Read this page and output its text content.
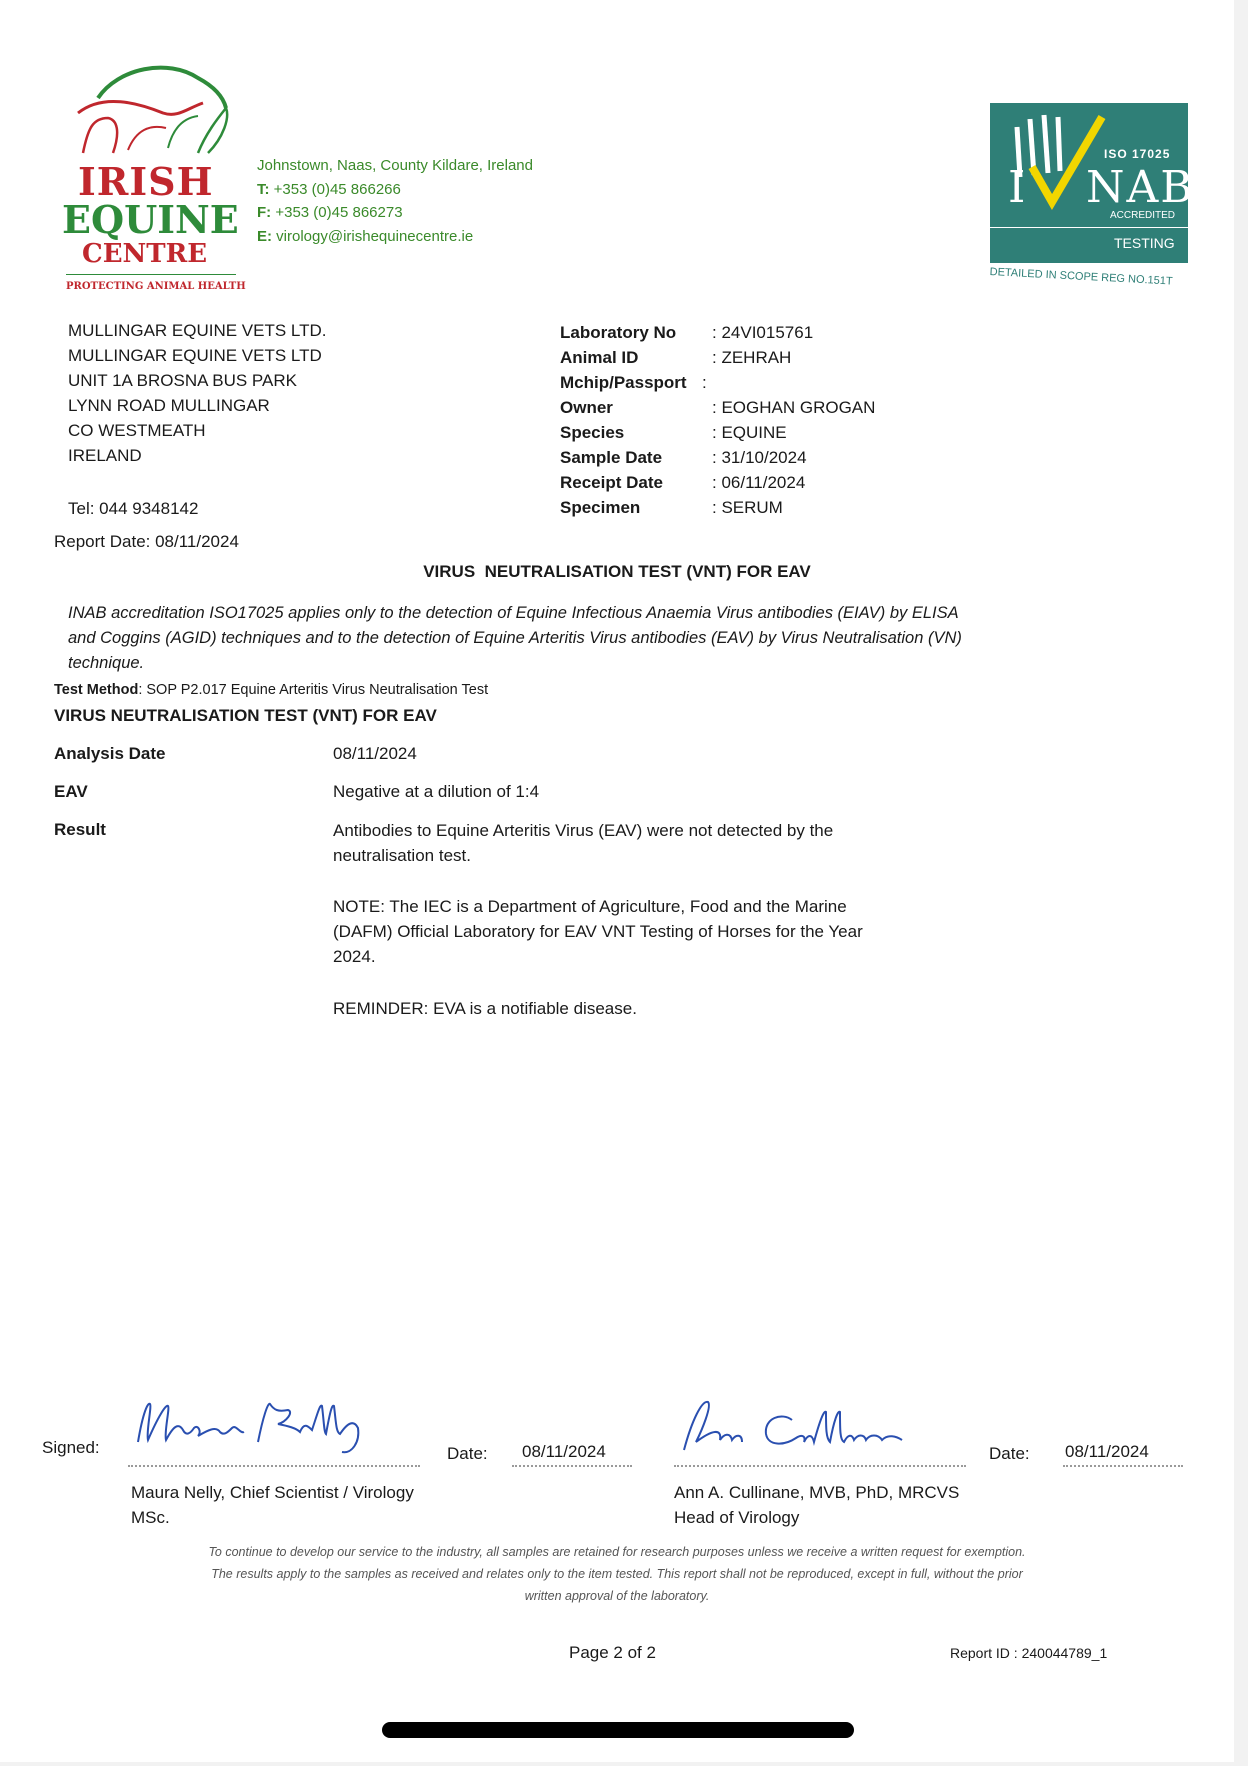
IRISH
EQUINE
CENTRE
PROTECTING ANIMAL HEALTH
Johnstown, Naas, County Kildare, Ireland
T: +353 (0)45 866266
F: +353 (0)45 866273
E: virology@irishequinecentre.ie
ISO 17025
I NAB
ACCREDITED
TESTING
DETAILED IN SCOPE REG NO.151T
MULLINGAR EQUINE VETS LTD.
MULLINGAR EQUINE VETS LTD
UNIT 1A BROSNA BUS PARK
LYNN ROAD MULLINGAR
CO WESTMEATH
IRELAND
Tel: 044 9348142
Report Date: 08/11/2024
Laboratory No : 24VI015761
Animal ID	: ZEHRAH
Mchip/Passport :
Owner	: EOGHAN GROGAN
Species	: EQUINE
Sample Date	: 31/10/2024
Receipt Date	: 06/11/2024
Specimen	: SERUM
VIRUS  NEUTRALISATION TEST (VNT) FOR EAV
INAB accreditation ISO17025 applies only to the detection of Equine Infectious Anaemia Virus antibodies (EIAV) by ELISA
and Coggins (AGID) techniques and to the detection of Equine Arteritis Virus antibodies (EAV) by Virus Neutralisation (VN)
technique.
Test Method: SOP P2.017 Equine Arteritis Virus Neutralisation Test
VIRUS NEUTRALISATION TEST (VNT) FOR EAV
Analysis Date	08/11/2024
EAV	Negative at a dilution of 1:4
Result	Antibodies to Equine Arteritis Virus (EAV) were not detected by the
neutralisation test.
NOTE: The IEC is a Department of Agriculture, Food and the Marine
(DAFM) Official Laboratory for EAV VNT Testing of Horses for the Year
2024.
REMINDER: EVA is a notifiable disease.
Signed:	Date: 08/11/2024
Maura Nelly, Chief Scientist / Virology
MSc.
Date: 08/11/2024
Ann A. Cullinane, MVB, PhD, MRCVS
Head of Virology
To continue to develop our service to the industry, all samples are retained for research purposes unless we receive a written request for exemption.
The results apply to the samples as received and relates only to the item tested. This report shall not be reproduced, except in full, without the prior
written approval of the laboratory.
Page 2 of 2	Report ID : 240044789_1
